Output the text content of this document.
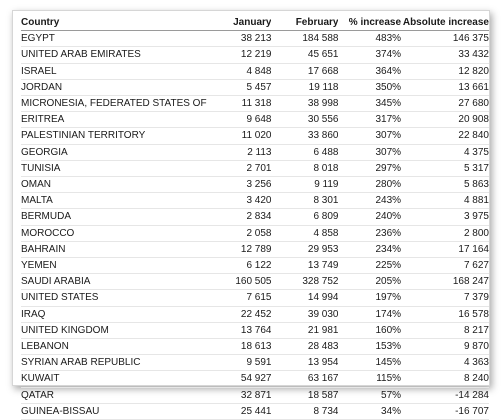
Country	January	February	% increase	Absolute increase
EGYPT	38 213	184 588	483%	146 375
UNITED ARAB EMIRATES	12 219	45 651	374%	33 432
ISRAEL	4 848	17 668	364%	12 820
JORDAN	5 457	19 118	350%	13 661
MICRONESIA, FEDERATED STATES OF	11 318	38 998	345%	27 680
ERITREA	9 648	30 556	317%	20 908
PALESTINIAN TERRITORY	11 020	33 860	307%	22 840
GEORGIA	2 113	6 488	307%	4 375
TUNISIA	2 701	8 018	297%	5 317
OMAN	3 256	9 119	280%	5 863
MALTA	3 420	8 301	243%	4 881
BERMUDA	2 834	6 809	240%	3 975
MOROCCO	2 058	4 858	236%	2 800
BAHRAIN	12 789	29 953	234%	17 164
YEMEN	6 122	13 749	225%	7 627
SAUDI ARABIA	160 505	328 752	205%	168 247
UNITED STATES	7 615	14 994	197%	7 379
IRAQ	22 452	39 030	174%	16 578
UNITED KINGDOM	13 764	21 981	160%	8 217
LEBANON	18 613	28 483	153%	9 870
SYRIAN ARAB REPUBLIC	9 591	13 954	145%	4 363
KUWAIT	54 927	63 167	115%	8 240
QATAR	32 871	18 587	57%	-14 284
GUINEA-BISSAU	25 441	8 734	34%	-16 707
